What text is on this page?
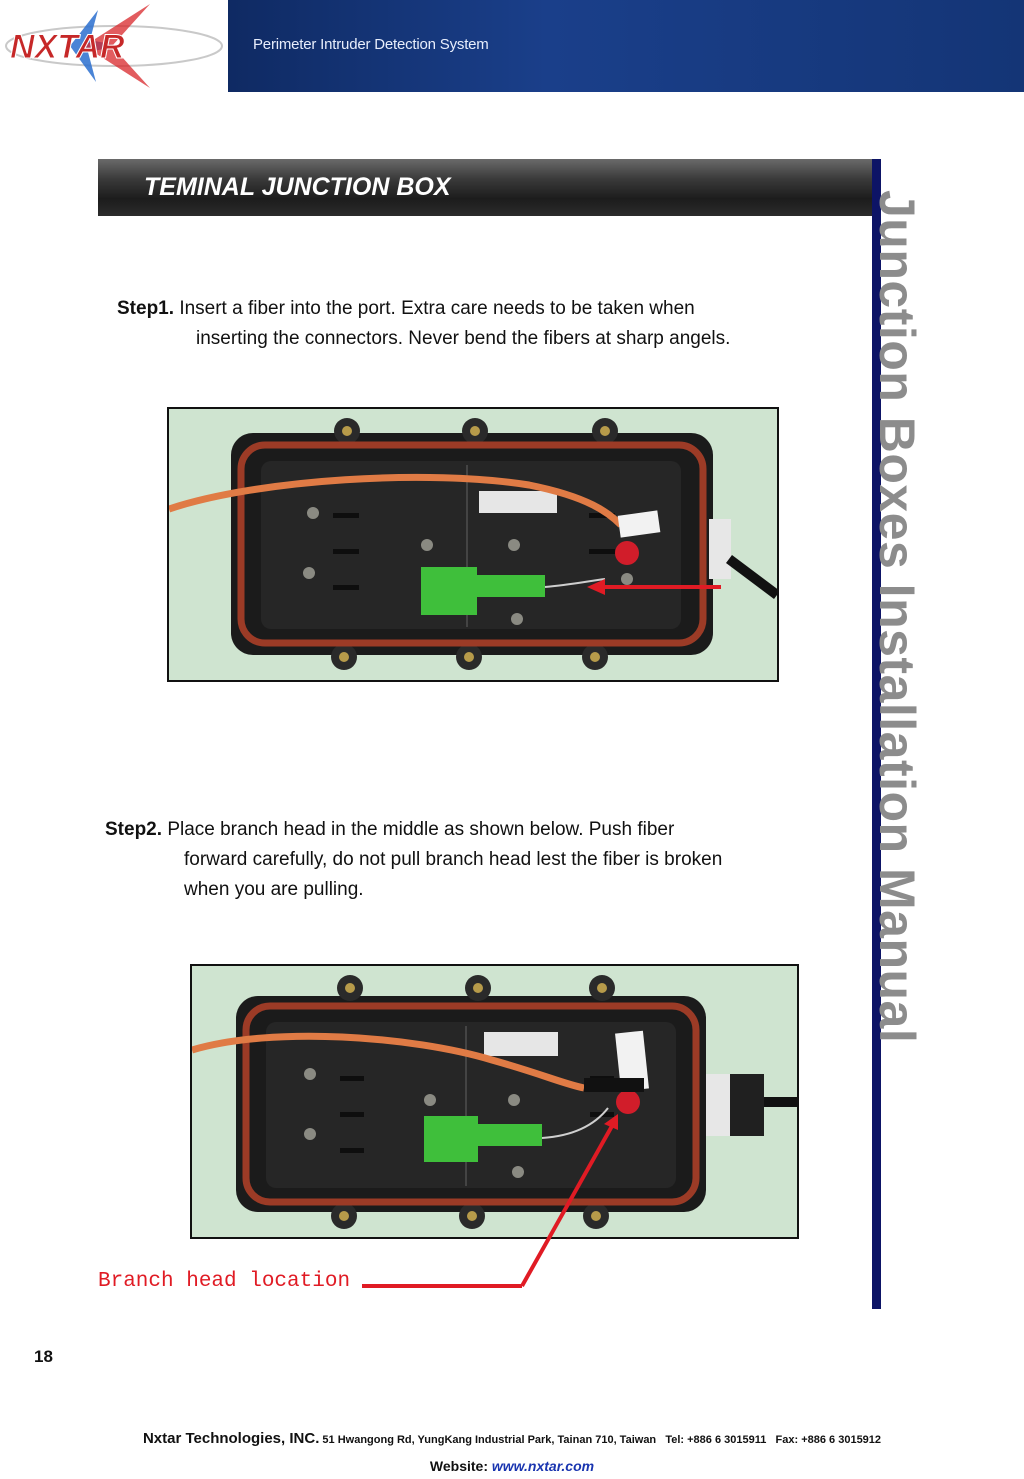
NXTAR	Perimeter Intruder Detection System
TEMINAL JUNCTION BOX
Junction Boxes Installation Manual
Step1. Insert a fiber into the port. Extra care needs to be taken when
inserting the connectors. Never bend the fibers at sharp angels.
Step2. Place branch head in the middle as shown below. Push fiber
forward carefully, do not pull branch head lest the fiber is broken
when you are pulling.
Branch head location
18
Nxtar Technologies, INC. 51 Hwangong Rd, YungKang Industrial Park, Tainan 710, Taiwan Tel: +886 6 3015911 Fax: +886 6 3015912
Website: www.nxtar.com
